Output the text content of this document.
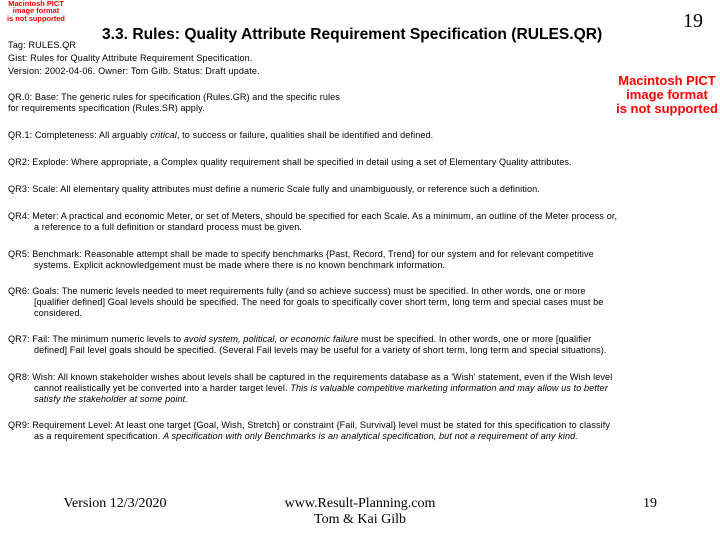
Macintosh PICT
image format
is not supported
3.3. Rules: Quality Attribute Requirement Specification (RULES.QR)
19
Tag: RULES.QR
Gist: Rules for Quality Attribute Requirement Specification.
Version: 2002-04-06. Owner: Tom Gilb. Status: Draft update.
Macintosh PICT
image format
is not supported
QR.0: Base: The generic rules for specification (Rules.GR) and the specific rules
for requirements specification (Rules.SR) apply.
QR.1: Completeness: All arguably critical, to success or failure, qualities shall be identified and defined.
QR2: Explode: Where appropriate, a Complex quality requirement shall be specified in detail using a set of Elementary Quality attributes.
QR3: Scale: All elementary quality attributes must define a numeric Scale fully and unambiguously, or reference such a definition.
QR4: Meter: A practical and economic Meter, or set of Meters, should be specified for each Scale. As a minimum, an outline of the Meter process or,
a reference to a full definition or standard process must be given.
QR5: Benchmark: Reasonable attempt shall be made to specify benchmarks {Past, Record, Trend} for our system and for relevant competitive
systems. Explicit acknowledgement must be made where there is no known benchmark information.
QR6: Goals: The numeric levels needed to meet requirements fully (and so achieve success) must be specified. In other words, one or more
[qualifier defined] Goal levels should be specified. The need for goals to specifically cover short term, long term and special cases must be
considered.
QR7: Fail: The minimum numeric levels to avoid system, political, or economic failure must be specified. In other words, one or more [qualifier
defined] Fail level goals should be specified. (Several Fail levels may be useful for a variety of short term, long term and special situations).
QR8: Wish: All known stakeholder wishes about levels shall be captured in the requirements database as a 'Wish' statement, even if the Wish level
cannot realistically yet be converted into a harder target level. This is valuable competitive marketing information and may allow us to better
satisfy the stakeholder at some point.
QR9: Requirement Level: At least one target {Goal, Wish, Stretch} or constraint {Fail, Survival} level must be stated for this specification to classify
as a requirement specification. A specification with only Benchmarks is an analytical specification, but not a requirement of any kind.
Version 12/3/2020	www.Result-Planning.com
Tom & Kai Gilb
19
